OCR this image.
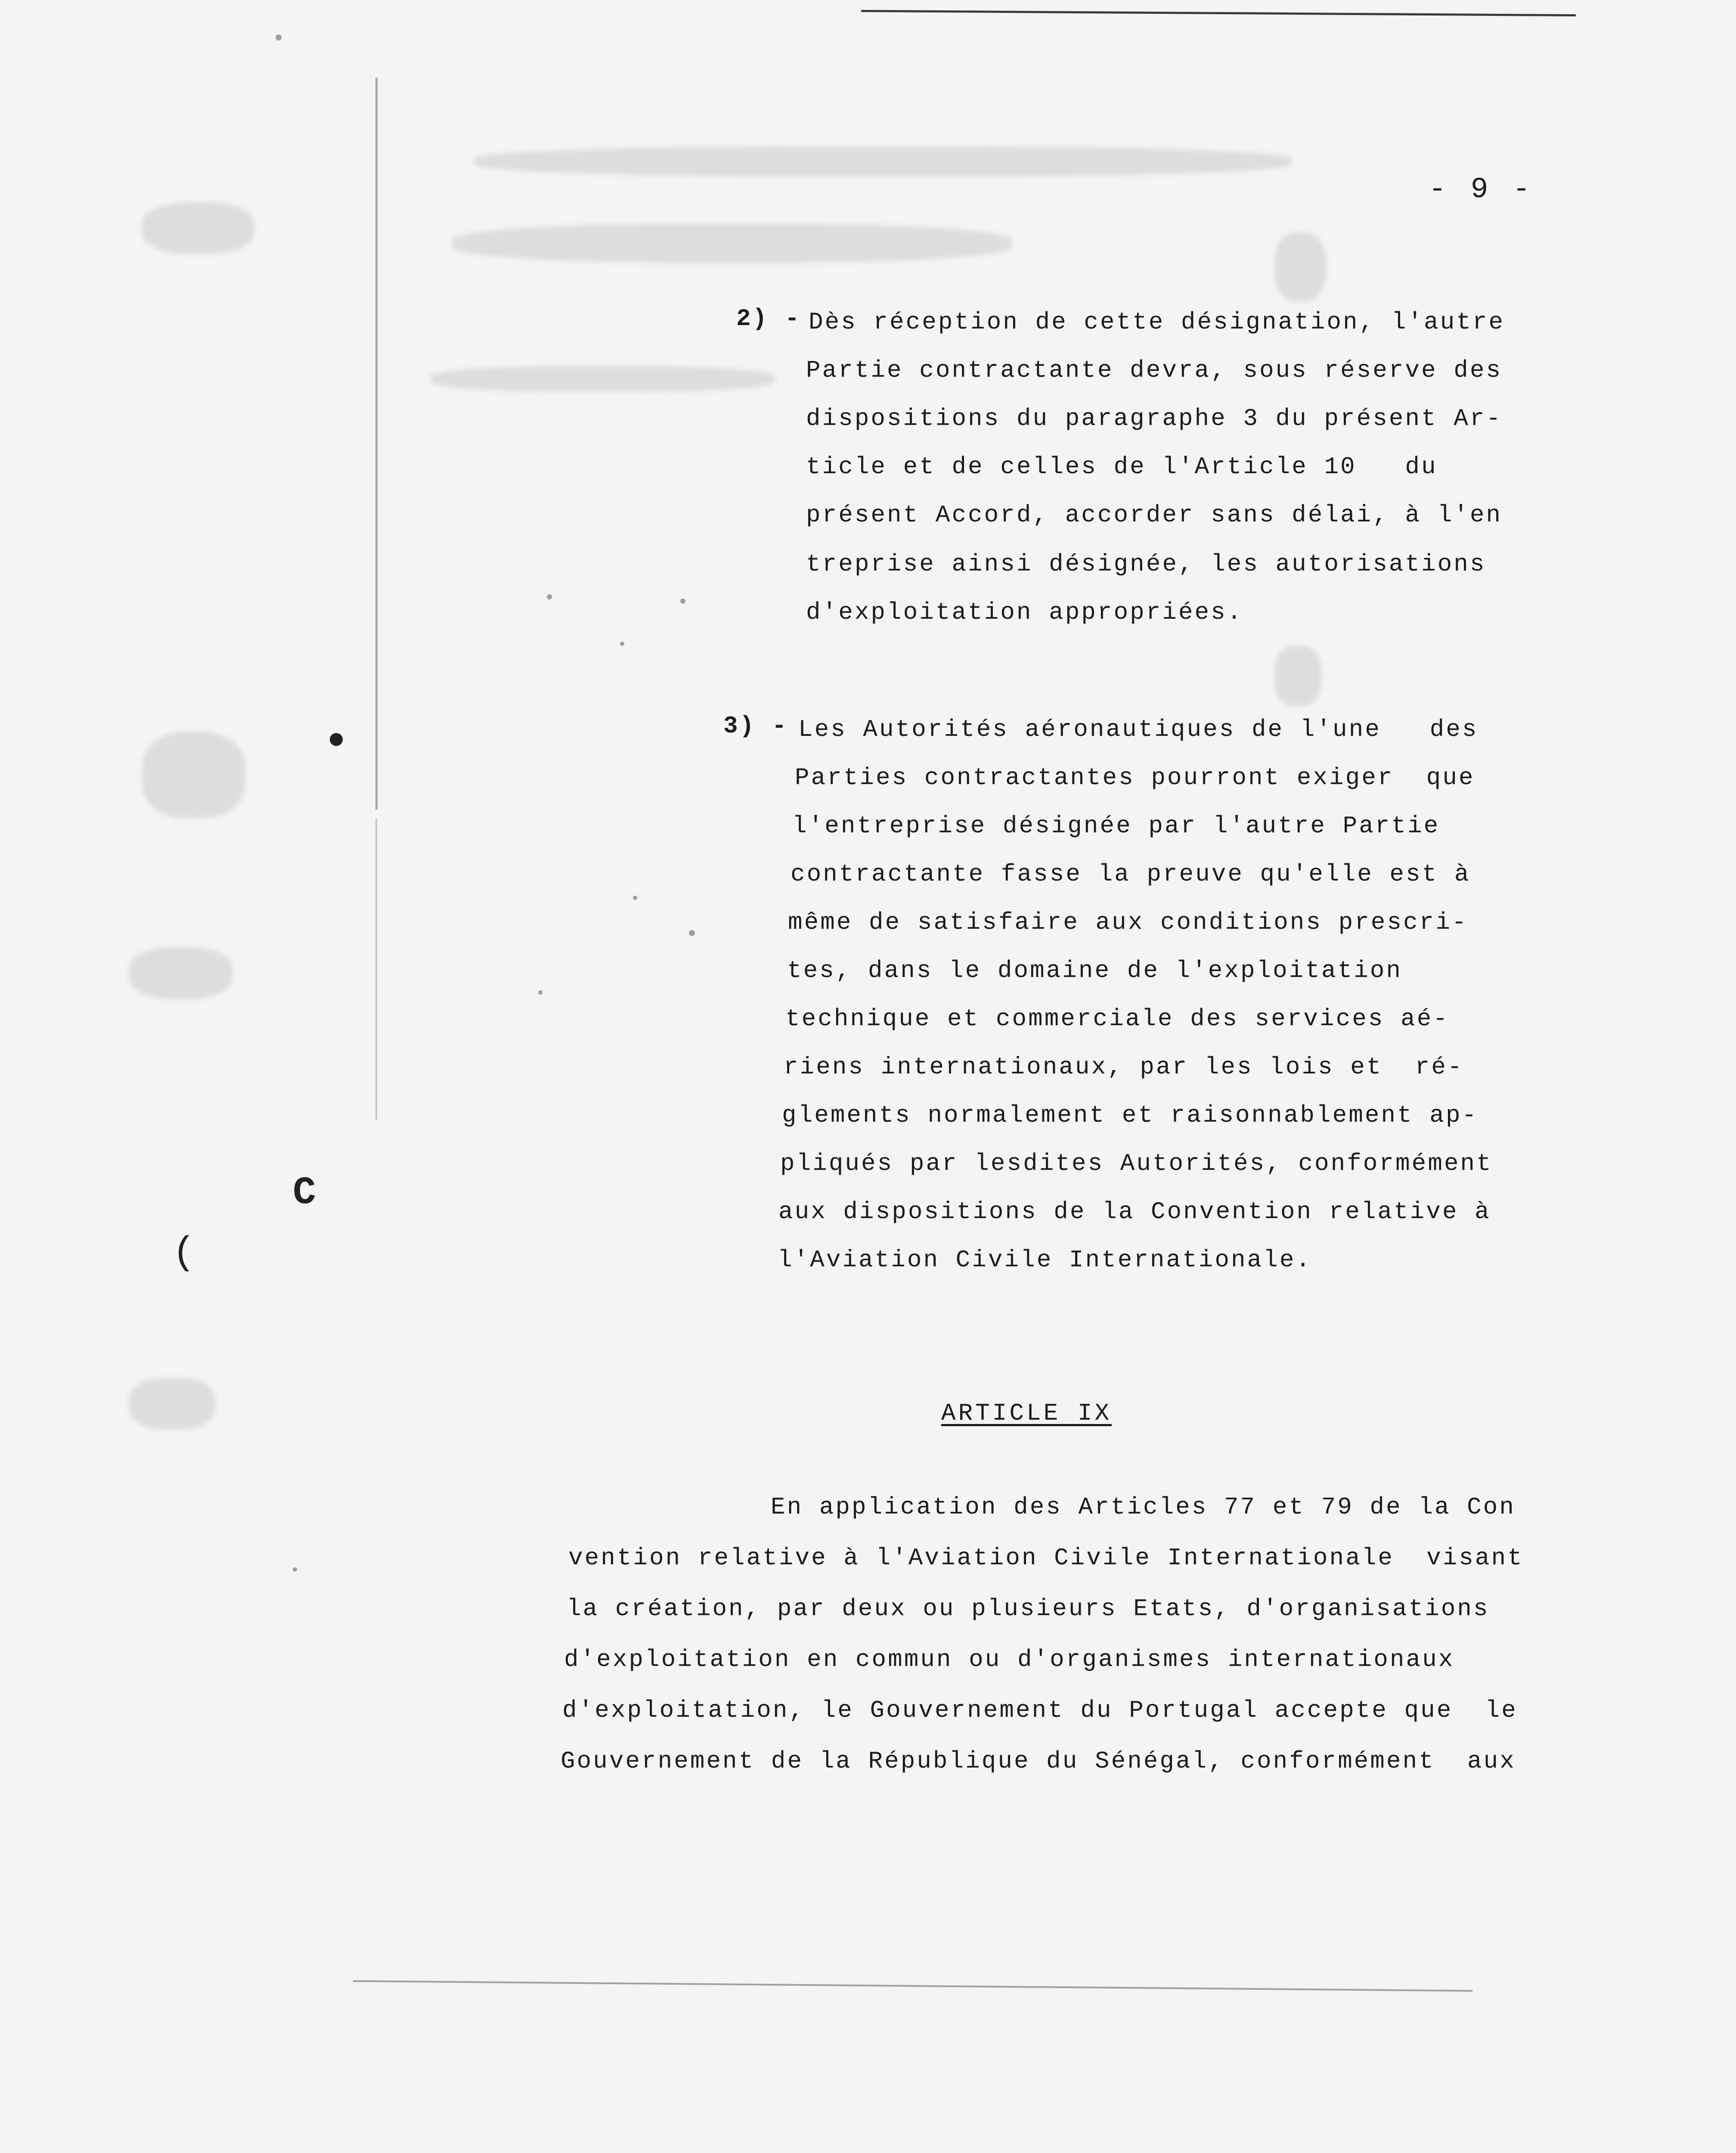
C
●
(
- 9 -
2) - Dès réception de cette désignation, l'autre
Partie contractante devra, sous réserve des
dispositions du paragraphe 3 du présent Ar-
ticle et de celles de l'Article 10   du
présent Accord, accorder sans délai, à l'en
treprise ainsi désignée, les autorisations
d'exploitation appropriées.
3) - Les Autorités aéronautiques de l'une   des
Parties contractantes pourront exiger  que
l'entreprise désignée par l'autre Partie
contractante fasse la preuve qu'elle est à
même de satisfaire aux conditions prescri-
tes, dans le domaine de l'exploitation
technique et commerciale des services aé-
riens internationaux, par les lois et  ré-
glements normalement et raisonnablement ap-
pliqués par lesdites Autorités, conformément
aux dispositions de la Convention relative à
l'Aviation Civile Internationale.
ARTICLE IX
En application des Articles 77 et 79 de la Con
vention relative à l'Aviation Civile Internationale  visant
la création, par deux ou plusieurs Etats, d'organisations
d'exploitation en commun ou d'organismes internationaux
d'exploitation, le Gouvernement du Portugal accepte que  le
Gouvernement de la République du Sénégal, conformément  aux
